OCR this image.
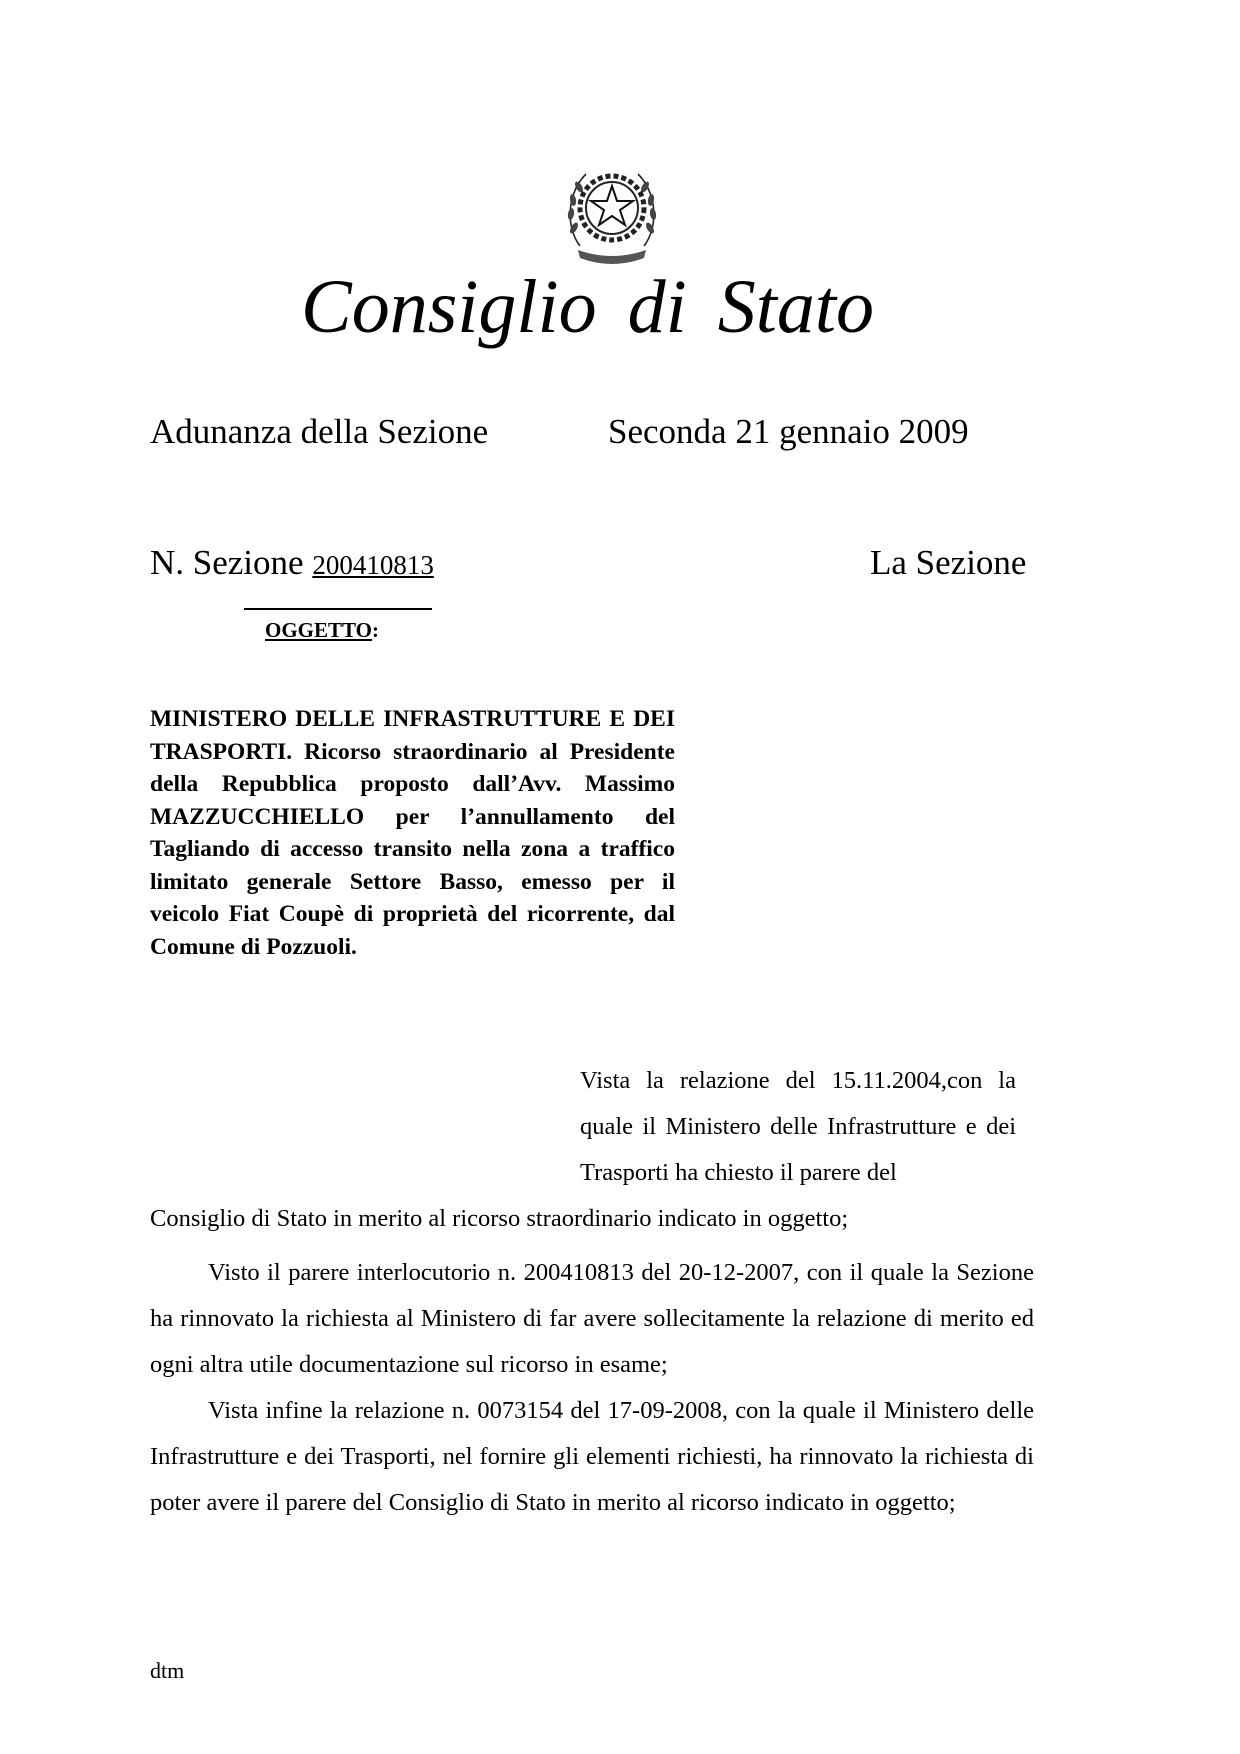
Consiglio di Stato
Adunanza della Sezione	Seconda 21 gennaio 2009
N. Sezione 200410813	La Sezione
OGGETTO:
MINISTERO DELLE INFRASTRUTTURE E DEI TRASPORTI. Ricorso straordinario al Presidente della Repubblica proposto dall’Avv. Massimo MAZZUCCHIELLO per l’annullamento del Tagliando di accesso transito nella zona a traffico limitato generale Settore Basso, emesso per il veicolo Fiat Coupè di proprietà del ricorrente, dal Comune di Pozzuoli.
Vista la relazione del 15.11.2004,con la quale il Ministero delle Infrastrutture e dei Trasporti ha chiesto il parere del
Consiglio di Stato in merito al ricorso straordinario indicato in oggetto;
Visto il parere interlocutorio n. 200410813 del 20-12-2007, con il quale la Sezione ha rinnovato la richiesta al Ministero di far avere sollecitamente la relazione di merito ed ogni altra utile documentazione sul ricorso in esame;
Vista infine la relazione n. 0073154 del 17-09-2008, con la quale il Ministero delle Infrastrutture e dei Trasporti, nel fornire gli elementi richiesti, ha rinnovato la richiesta di poter avere il parere del Consiglio di Stato in merito al ricorso indicato in oggetto;
dtm
